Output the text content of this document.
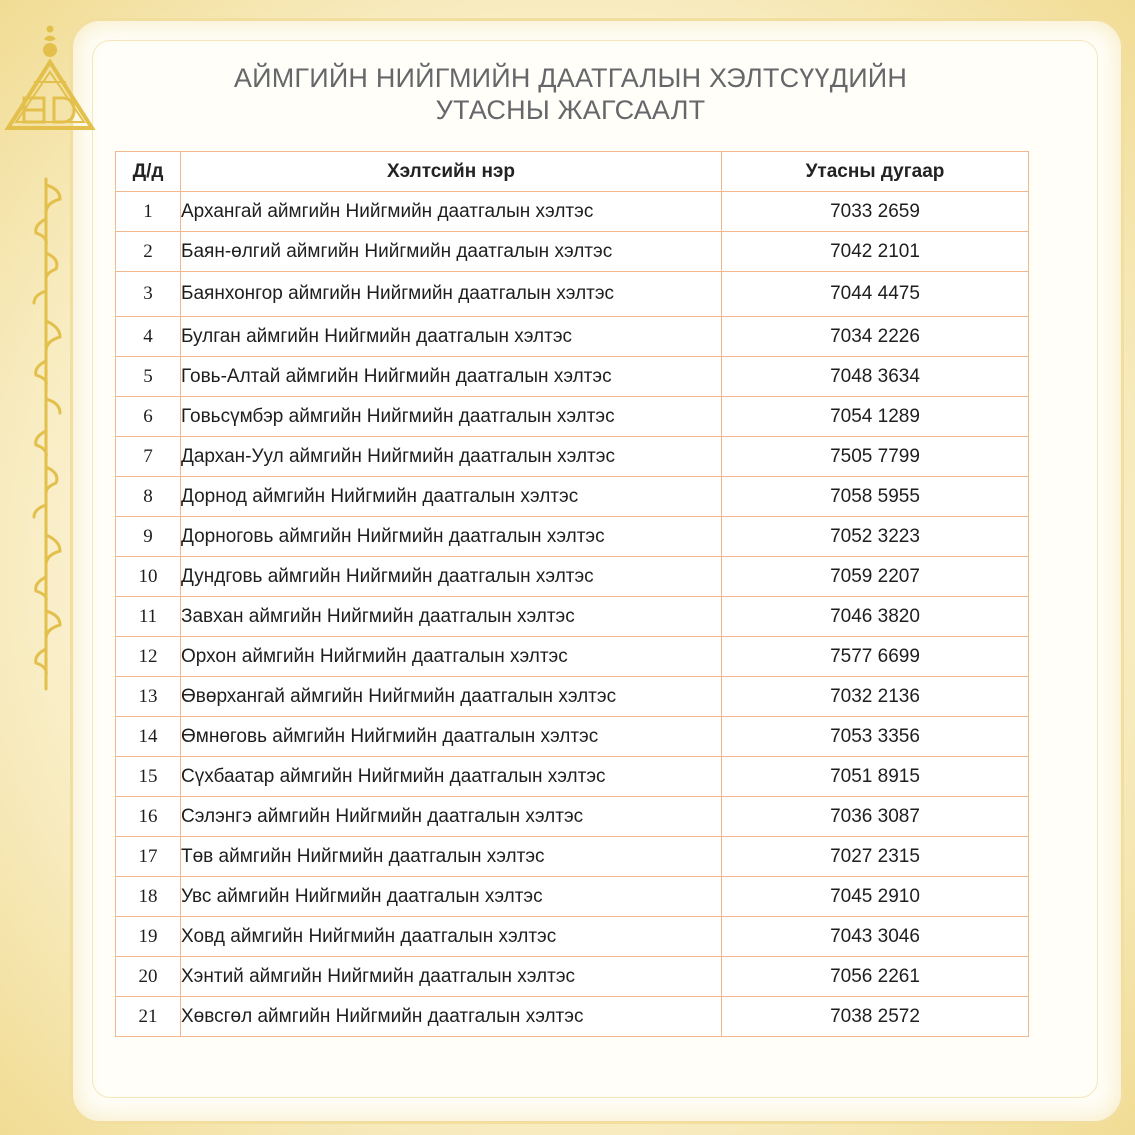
АЙМГИЙН НИЙГМИЙН ДААТГАЛЫН ХЭЛТСҮҮДИЙН
УТАСНЫ ЖАГСААЛТ
Д/д	Хэлтсийн нэр	Утасны дугаар
1	Архангай аймгийн Нийгмийн даатгалын хэлтэс	7033 2659
2	Баян-өлгий аймгийн Нийгмийн даатгалын хэлтэс	7042 2101
3	Баянхонгор аймгийн Нийгмийн даатгалын хэлтэс	7044 4475
4	Булган аймгийн Нийгмийн даатгалын хэлтэс	7034 2226
5	Говь-Алтай аймгийн Нийгмийн даатгалын хэлтэс	7048 3634
6	Говьсүмбэр аймгийн Нийгмийн даатгалын хэлтэс	7054 1289
7	Дархан-Уул аймгийн Нийгмийн даатгалын хэлтэс	7505 7799
8	Дорнод аймгийн Нийгмийн даатгалын хэлтэс	7058 5955
9	Дорноговь аймгийн Нийгмийн даатгалын хэлтэс	7052 3223
10	Дундговь аймгийн Нийгмийн даатгалын хэлтэс	7059 2207
11	Завхан аймгийн Нийгмийн даатгалын хэлтэс	7046 3820
12	Орхон аймгийн Нийгмийн даатгалын хэлтэс	7577 6699
13	Өвөрхангай аймгийн Нийгмийн даатгалын хэлтэс	7032 2136
14	Өмнөговь аймгийн Нийгмийн даатгалын хэлтэс	7053 3356
15	Сүхбаатар аймгийн Нийгмийн даатгалын хэлтэс	7051 8915
16	Сэлэнгэ аймгийн Нийгмийн даатгалын хэлтэс	7036 3087
17	Төв аймгийн Нийгмийн даатгалын хэлтэс	7027 2315
18	Увс аймгийн Нийгмийн даатгалын хэлтэс	7045 2910
19	Ховд аймгийн Нийгмийн даатгалын хэлтэс	7043 3046
20	Хэнтий аймгийн Нийгмийн даатгалын хэлтэс	7056 2261
21	Хөвсгөл аймгийн Нийгмийн даатгалын хэлтэс	7038 2572
